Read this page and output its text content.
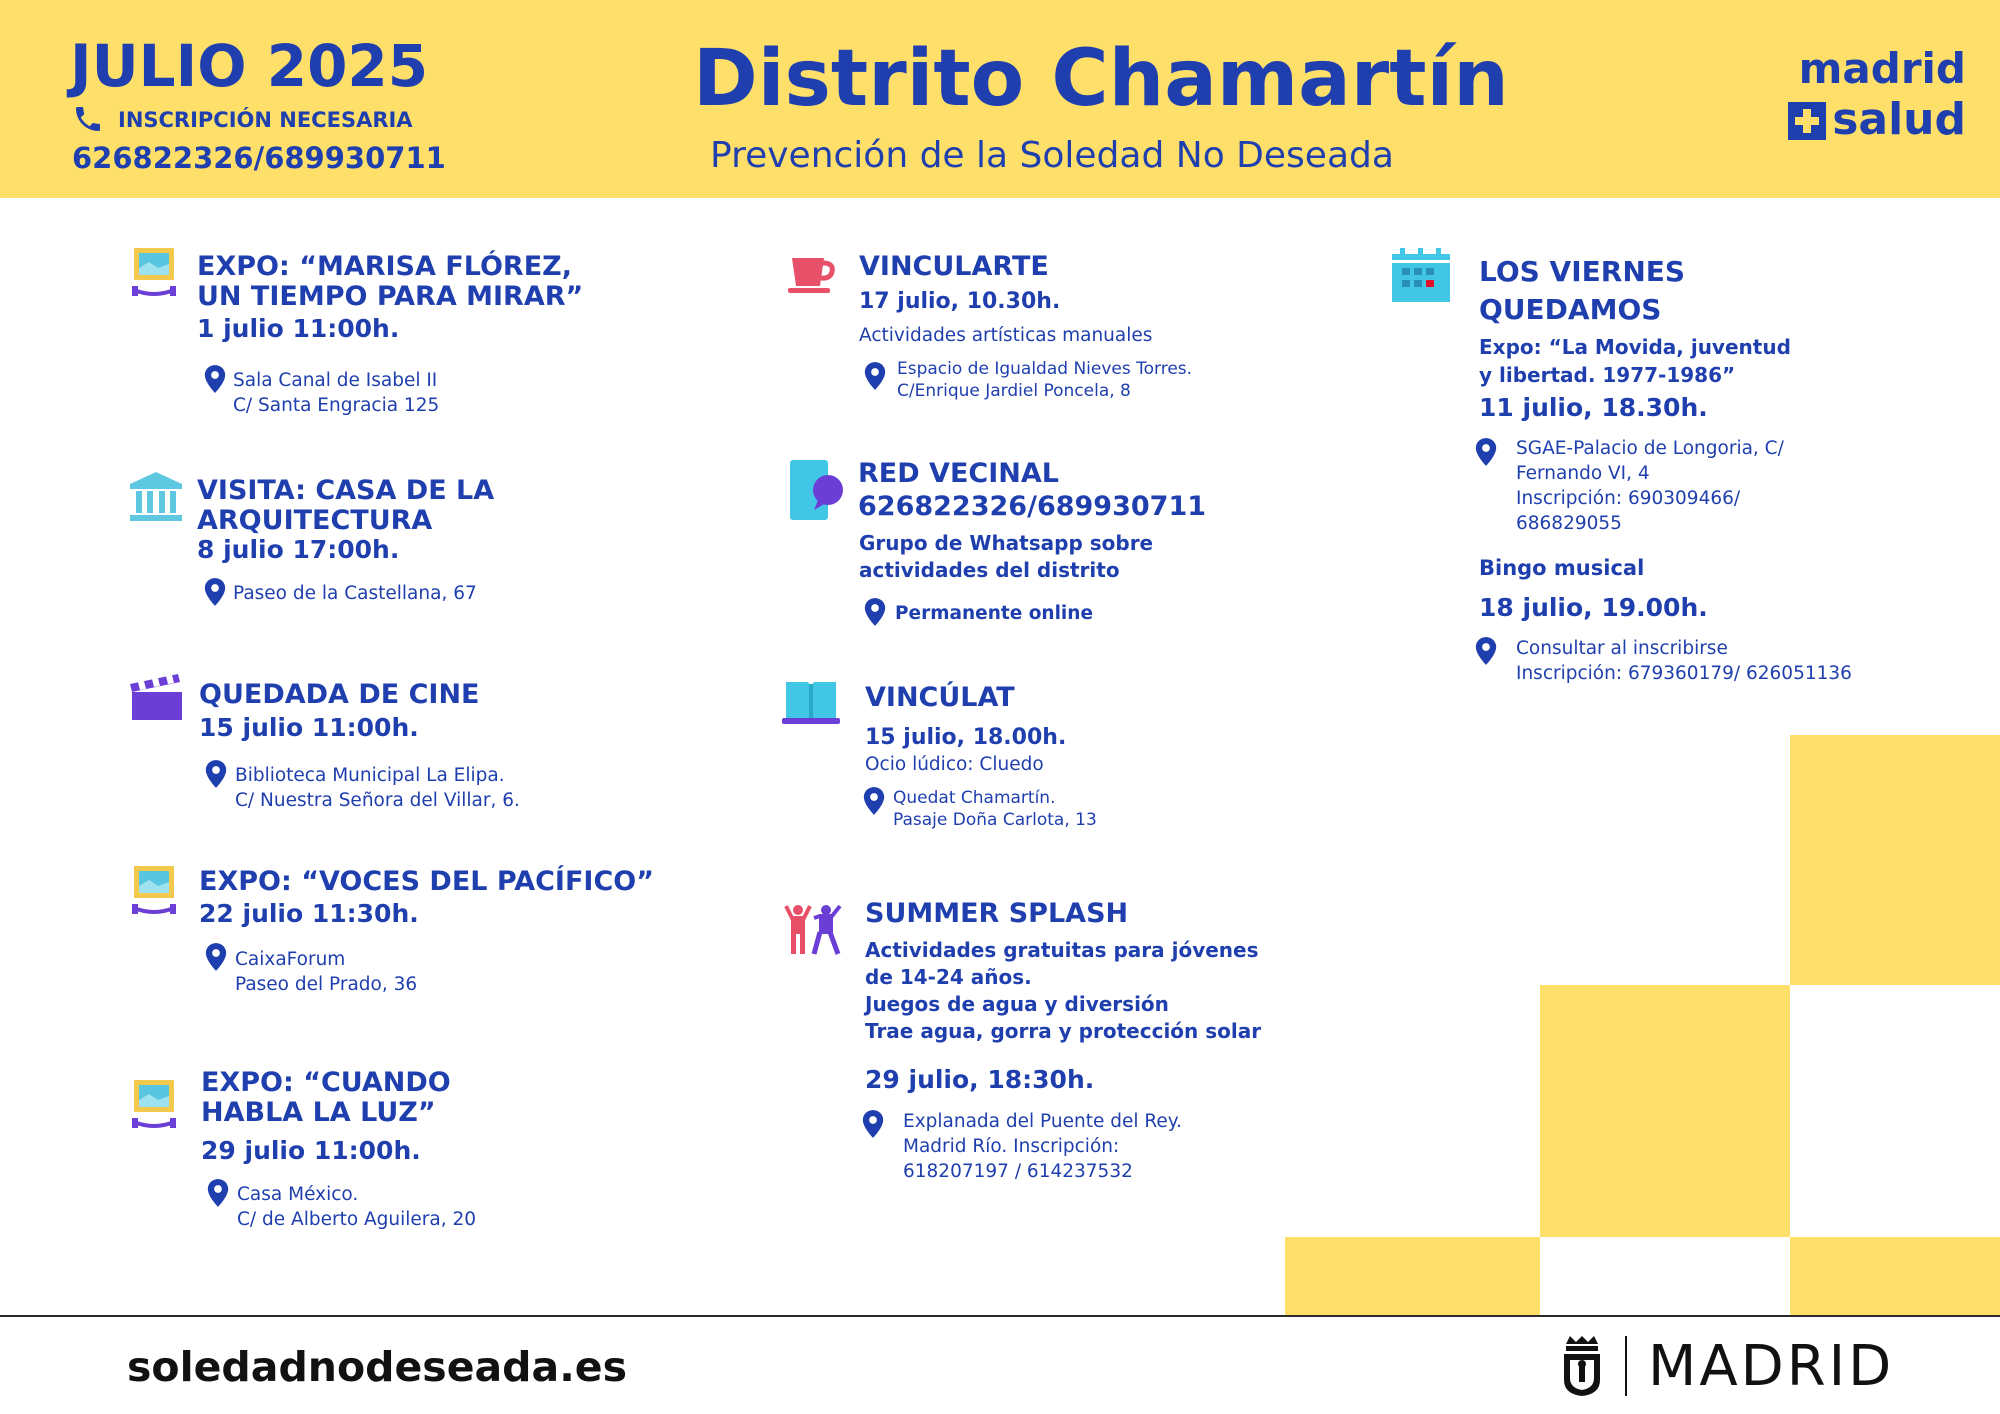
JULIO 2025
INSCRIPCIÓN NECESARIA
626822326/689930711
Distrito Chamartín
Prevención de la Soledad No Deseada
madrid
salud
EXPO: “MARISA FLÓREZ,
UN TIEMPO PARA MIRAR”
1 julio 11:00h.
Sala Canal de Isabel II
C/ Santa Engracia 125
VISITA: CASA DE LA
ARQUITECTURA
8 julio 17:00h.
Paseo de la Castellana, 67
QUEDADA DE CINE
15 julio 11:00h.
Biblioteca Municipal La Elipa.
C/ Nuestra Señora del Villar, 6.
EXPO: “VOCES DEL PACÍFICO”
22 julio 11:30h.
CaixaForum
Paseo del Prado, 36
EXPO: “CUANDO
HABLA LA LUZ”
29 julio 11:00h.
Casa México.
C/ de Alberto Aguilera, 20
VINCULARTE
17 julio, 10.30h.
Actividades artísticas manuales
Espacio de Igualdad Nieves Torres.
C/Enrique Jardiel Poncela, 8
RED VECINAL
626822326/689930711
Grupo de Whatsapp sobre
actividades del distrito
Permanente online
VINCÚLAT
15 julio, 18.00h.
Ocio lúdico: Cluedo
Quedat Chamartín.
Pasaje Doña Carlota, 13
SUMMER SPLASH
Actividades gratuitas para jóvenes
de 14-24 años.
Juegos de agua y diversión
Trae agua, gorra y protección solar
29 julio, 18:30h.
Explanada del Puente del Rey.
Madrid Río. Inscripción:
618207197 / 614237532
LOS VIERNES
QUEDAMOS
Expo: “La Movida, juventud
y libertad. 1977-1986”
11 julio, 18.30h.
SGAE-Palacio de Longoria, C/
Fernando VI, 4
Inscripción: 690309466/
686829055
Bingo musical
18 julio, 19.00h.
Consultar al inscribirse
Inscripción: 679360179/ 626051136
soledadnodeseada.es	MADRID
